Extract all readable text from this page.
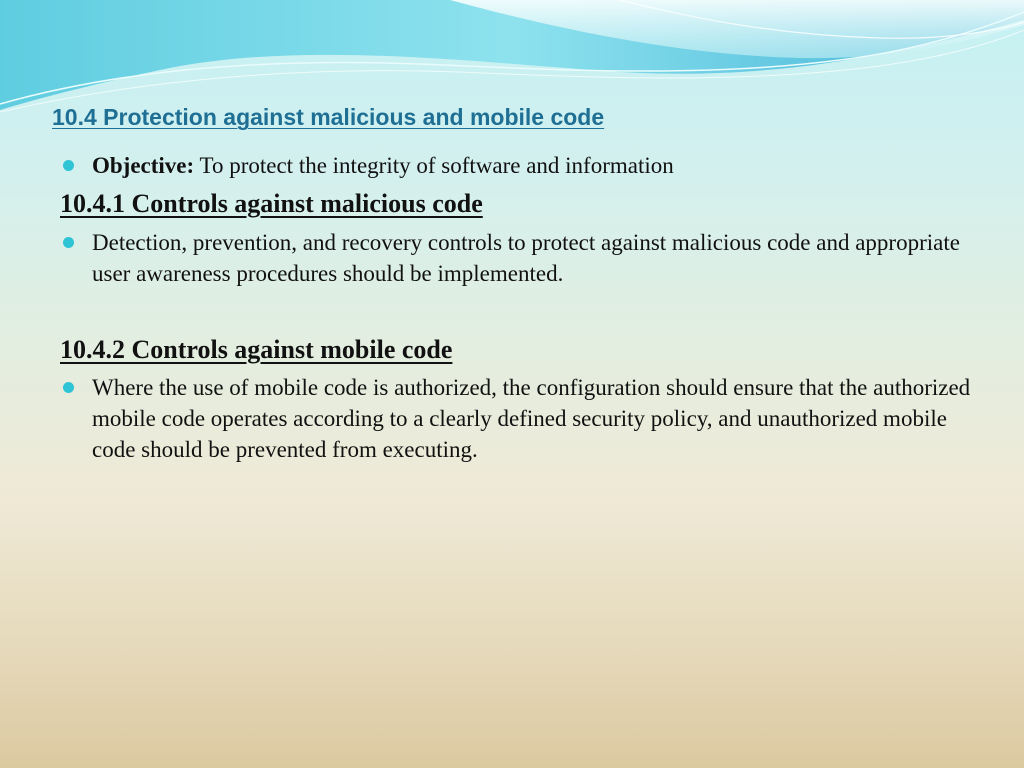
10.4 Protection against malicious and mobile code
Objective: To protect the integrity of software and information
10.4.1 Controls against malicious code
Detection, prevention, and recovery controls to protect against malicious code and appropriate user awareness procedures should be implemented.
10.4.2 Controls against mobile code
Where the use of mobile code is authorized, the configuration should ensure that the authorized mobile code operates according to a clearly defined security policy, and unauthorized mobile code should be prevented from executing.
